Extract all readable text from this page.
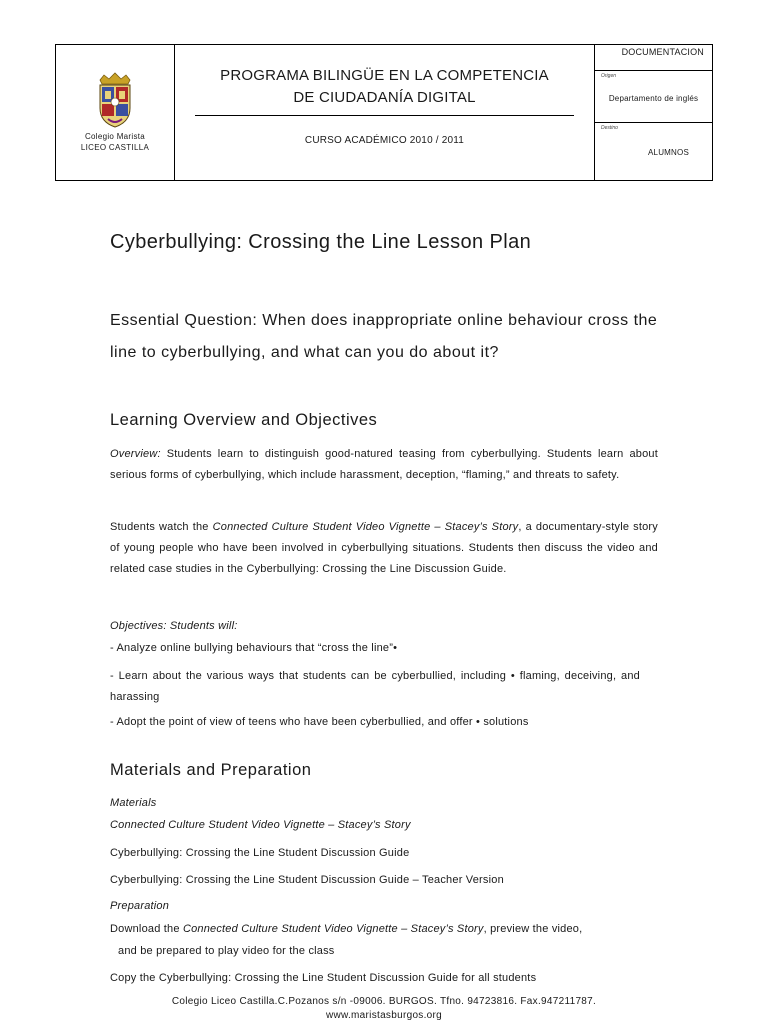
Colegio Marista
LICEO CASTILLA
PROGRAMA BILINGÜE EN LA COMPETENCIA
DE CIUDADANÍA DIGITAL
CURSO ACADÉMICO 2010 / 2011
DOCUMENTACION
Origen
Departamento de inglés
Destino
ALUMNOS
Cyberbullying: Crossing the Line Lesson Plan
Essential Question: When does inappropriate online behaviour cross the line to cyberbullying, and what can you do about it?
Learning Overview and Objectives
Overview: Students learn to distinguish good-natured teasing from cyberbullying. Students learn about serious forms of cyberbullying, which include harassment, deception, “flaming,” and threats to safety.
Students watch the Connected Culture Student Video Vignette – Stacey’s Story, a documentary-style story of young people who have been involved in cyberbullying situations. Students then discuss the video and related case studies in the Cyberbullying: Crossing the Line Discussion Guide.
Objectives: Students will:
- Analyze online bullying behaviours that “cross the line”•
- Learn about the various ways that students can be cyberbullied, including • flaming, deceiving, and harassing
- Adopt the point of view of teens who have been cyberbullied, and offer • solutions
Materials and Preparation
Materials
Connected Culture Student Video Vignette – Stacey’s Story
Cyberbullying: Crossing the Line Student Discussion Guide
Cyberbullying: Crossing the Line Student Discussion Guide – Teacher Version
Preparation
Download the Connected Culture Student Video Vignette – Stacey’s Story, preview the video,
and be prepared to play video for the class
Copy the Cyberbullying: Crossing the Line Student Discussion Guide for all students
Colegio Liceo Castilla.C.Pozanos s/n -09006. BURGOS. Tfno. 94723816. Fax.947211787.
www.maristasburgos.org
